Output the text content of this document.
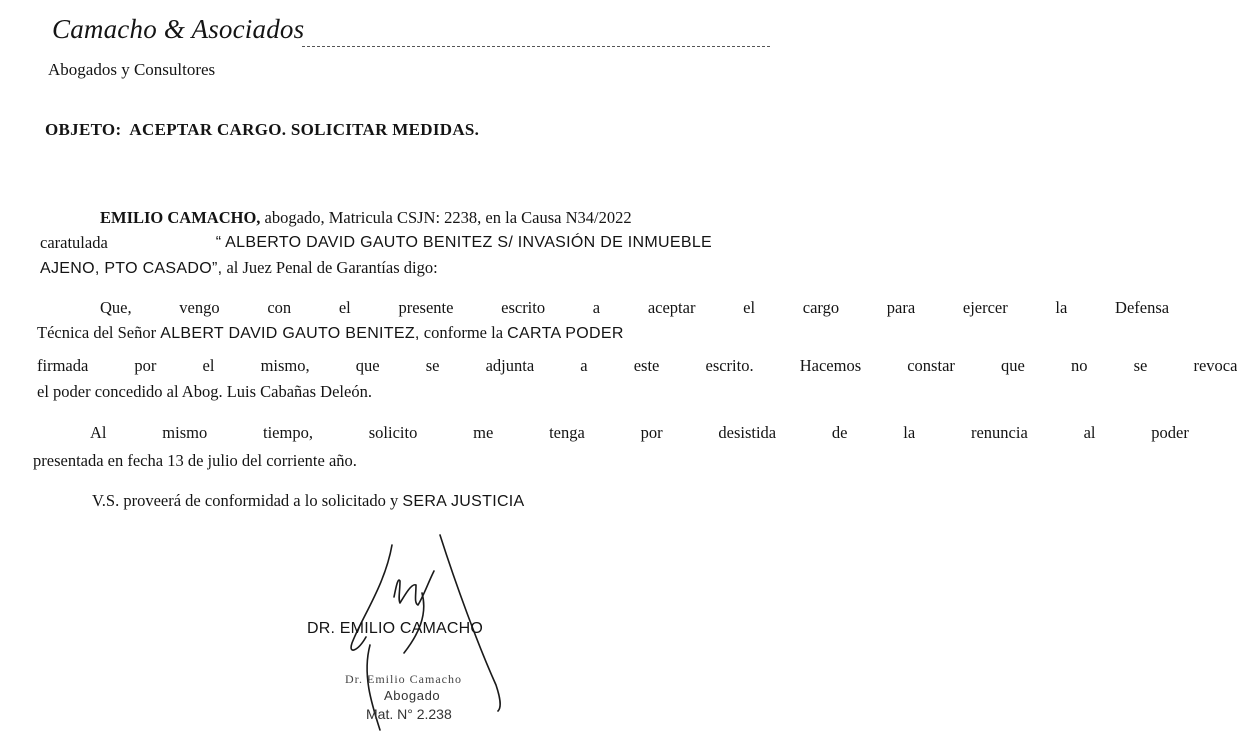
Camacho & Asociados
Abogados y Consultores
OBJETO: ACEPTAR CARGO. SOLICITAR MEDIDAS.
EMILIO CAMACHO, abogado, Matricula CSJN: 2238, en la Causa N34/2022
caratulada	“ ALBERTO DAVID GAUTO BENITEZ S/ INVASIÓN DE INMUEBLE
AJENO, PTO CASADO”, al Juez Penal de Garantías digo:
Que, vengo con el presente escrito a aceptar el cargo para ejercer la Defensa
Técnica del Señor ALBERT DAVID GAUTO BENITEZ, conforme la CARTA PODER
firmada por el mismo, que se adjunta a este escrito. Hacemos constar que no se revoca
el poder concedido al Abog. Luis Cabañas Deleón.
Al mismo tiempo, solicito me tenga por desistida de la renuncia al poder
presentada en fecha 13 de julio del corriente año.
V.S. proveerá de conformidad a lo solicitado y SERA JUSTICIA
DR. EMILIO CAMACHO
Dr. Emilio Camacho
Abogado
Mat. N° 2.238
